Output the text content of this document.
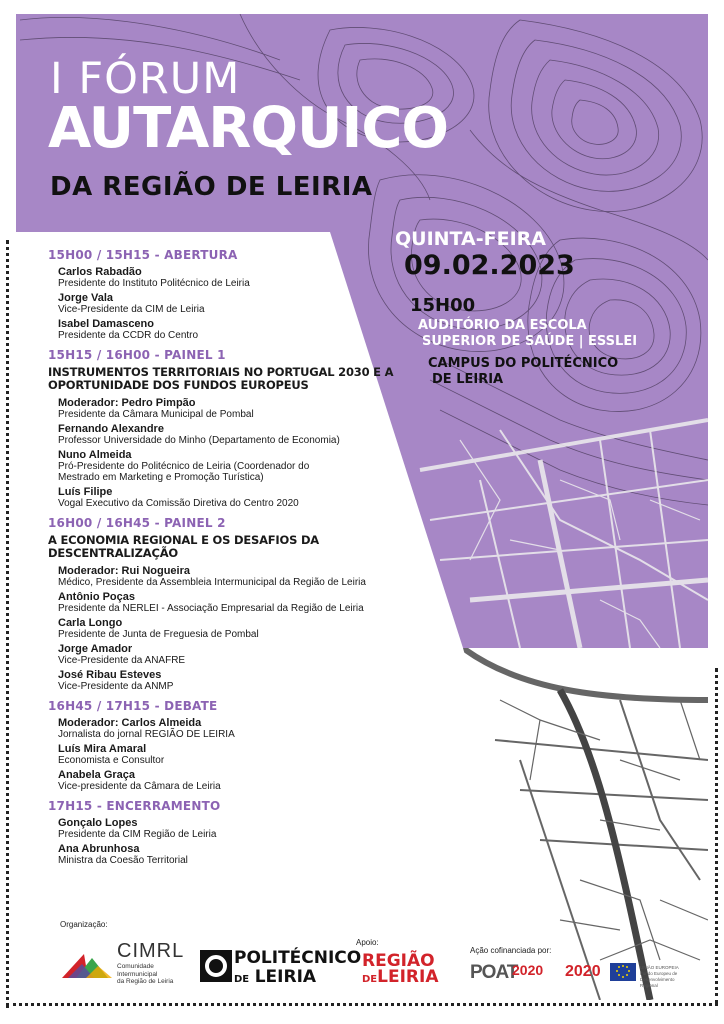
I FÓRUM
AUTARQUICO
DA REGIÃO DE LEIRIA
QUINTA-FEIRA
09.02.2023
15H00
AUDITÓRIO DA ESCOLA
SUPERIOR DE SAÚDE | ESSLEI
CAMPUS DO POLITÉCNICO
DE LEIRIA
15H00 / 15H15 - ABERTURA
Carlos Rabadão
Presidente do Instituto Politécnico de Leiria
Jorge Vala
Vice-Presidente da CIM de Leiria
Isabel Damasceno
Presidente da CCDR do Centro
15H15 / 16H00 - PAINEL 1
INSTRUMENTOS TERRITORIAIS NO PORTUGAL 2030 E A OPORTUNIDADE DOS FUNDOS EUROPEUS
Moderador: Pedro Pimpão
Presidente da Câmara Municipal de Pombal
Fernando Alexandre
Professor Universidade do Minho (Departamento de Economia)
Nuno Almeida
Pró-Presidente do Politécnico de Leiria (Coordenador do Mestrado em Marketing e Promoção Turística)
Luís Filipe
Vogal Executivo da Comissão Diretiva do Centro 2020
16H00 / 16H45 - PAINEL 2
A ECONOMIA REGIONAL E OS DESAFIOS DA DESCENTRALIZAÇÃO
Moderador: Rui Nogueira
Médico, Presidente da Assembleia Intermunicipal da Região de Leiria
Antônio Poças
Presidente da NERLEI - Associação Empresarial da Região de Leiria
Carla Longo
Presidente de Junta de Freguesia de Pombal
Jorge Amador
Vice-Presidente da ANAFRE
José Ribau Esteves
Vice-Presidente da ANMP
16H45 / 17H15 - DEBATE
Moderador: Carlos Almeida
Jornalista do jornal REGIÃO DE LEIRIA
Luís Mira Amaral
Economista e Consultor
Anabela Graça
Vice-presidente da Câmara de Leiria
17H15 - ENCERRAMENTO
Gonçalo Lopes
Presidente da CIM Região de Leiria
Ana Abrunhosa
Ministra da Coesão Territorial
Organização:
Apoio:
Ação cofinanciada por:
CIMRL
Comunidade
Intermunicipal
da Região de Leiria
POLITÉCNICO
DE LEIRIA
REGIÃO
DELEIRIA POAT
2020 2020	UNIÃO EUROPEIA Fundo Europeu de Desenvolvimento Regional
